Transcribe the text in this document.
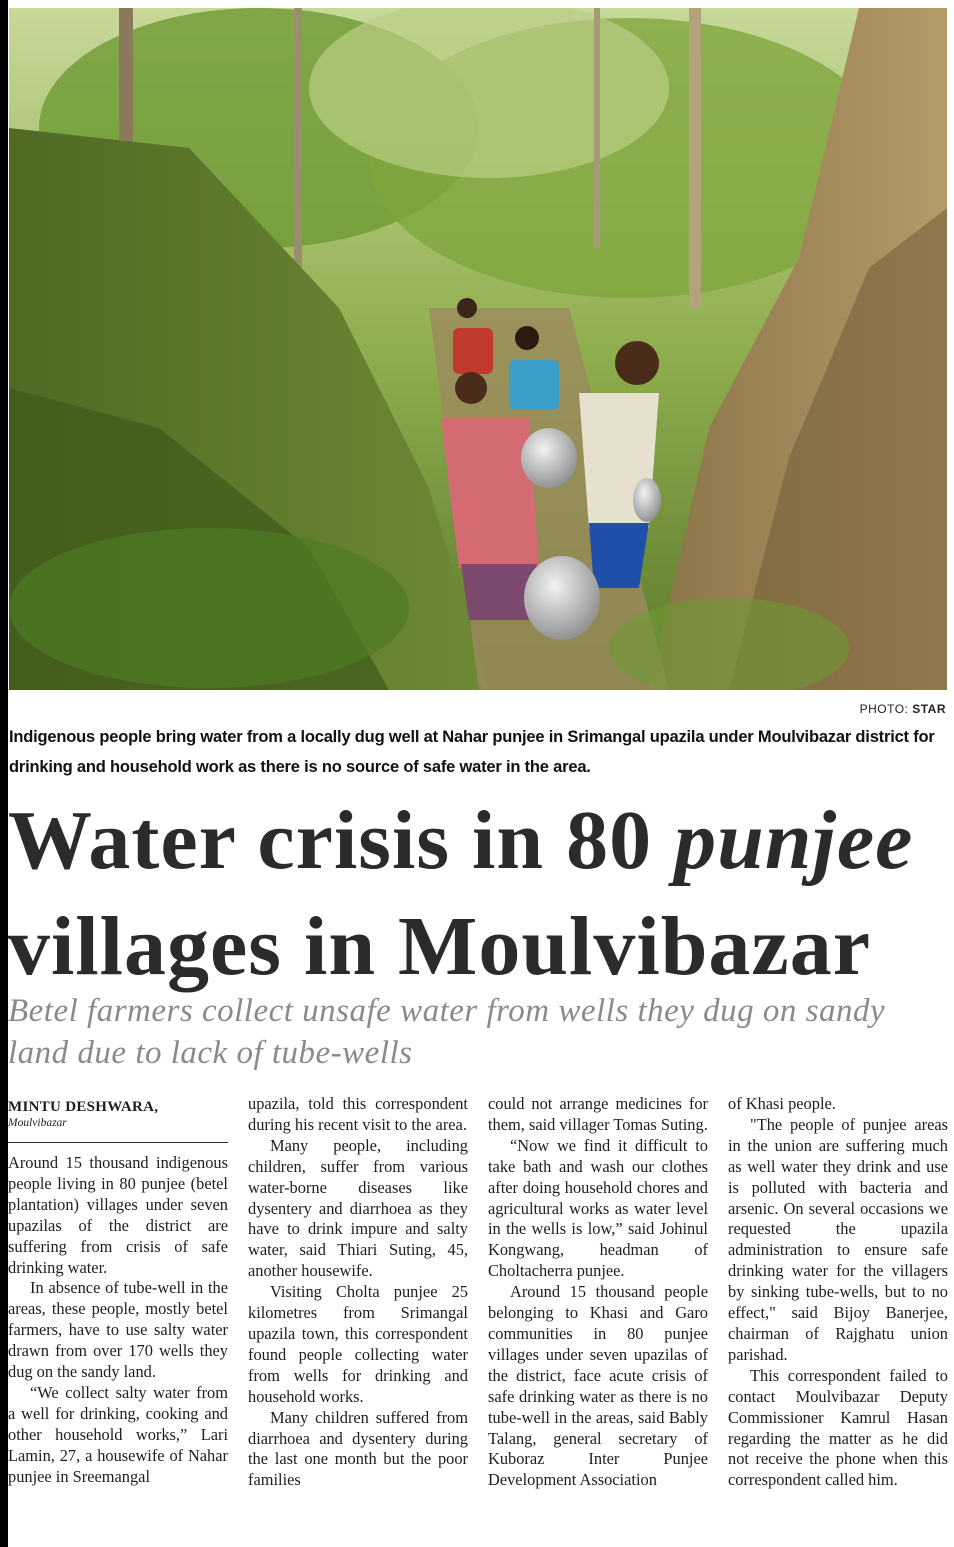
PHOTO: STAR
Indigenous people bring water from a locally dug well at Nahar punjee in Srimangal upazila under Moulvibazar district for drinking and household work as there is no source of safe water in the area.
Water crisis in 80 punjee villages in Moulvibazar
Betel farmers collect unsafe water from wells they dug on sandy land due to lack of tube-wells
MINTU DESHWARA,
Moulvibazar

Around 15 thousand indigenous people living in 80 punjee (betel plantation) villages under seven upazilas of the district are suffering from crisis of safe drinking water.

In absence of tube-well in the areas, these people, mostly betel farmers, have to use salty water drawn from over 170 wells they dug on the sandy land.

“We collect salty water from a well for drinking, cooking and other household works,” Lari Lamin, 27, a housewife of Nahar punjee in Sreemangal

upazila, told this correspondent during his recent visit to the area.

Many people, including children, suffer from various water-borne diseases like dysentery and diarrhoea as they have to drink impure and salty water, said Thiari Suting, 45, another housewife.

Visiting Cholta punjee 25 kilometres from Srimangal upazila town, this correspondent found people collecting water from wells for drinking and household works.

Many children suffered from diarrhoea and dysentery during the last one month but the poor families

could not arrange medicines for them, said villager Tomas Suting.

“Now we find it difficult to take bath and wash our clothes after doing household chores and agricultural works as water level in the wells is low,” said Johinul Kongwang, headman of Choltacherra punjee.

Around 15 thousand people belonging to Khasi and Garo communities in 80 punjee villages under seven upazilas of the district, face acute crisis of safe drinking water as there is no tube-well in the areas, said Bably Talang, general secretary of Kuboraz Inter Punjee Development Association

of Khasi people.

"The people of punjee areas in the union are suffering much as well water they drink and use is polluted with bacteria and arsenic. On several occasions we requested the upazila administration to ensure safe drinking water for the villagers by sinking tube-wells, but to no effect," said Bijoy Banerjee, chairman of Rajghatu union parishad.

This correspondent failed to contact Moulvibazar Deputy Commissioner Kamrul Hasan regarding the matter as he did not receive the phone when this correspondent called him.
